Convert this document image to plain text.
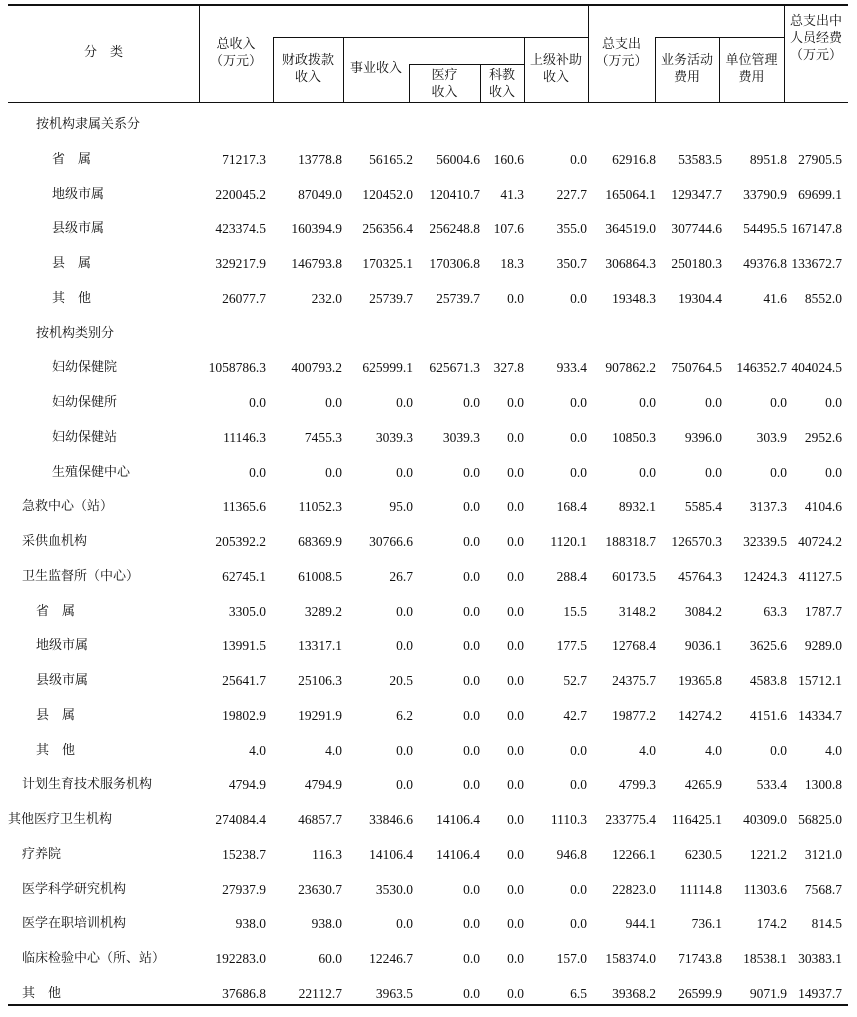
分　类
总收入
（万元）	财政拨款
收入
事业收入	医疗
收入
科教
收入
上级补助
收入
总支出
（万元）	业务活动
费用
单位管理
费用
总支出中
人员经费
（万元）
按机构隶属关系分
省　属	71217.3	13778.8	56165.2	56004.6	160.6	0.0	62916.8	53583.5	8951.8 27905.5
地级市属	220045.2	87049.0	120452.0	120410.7	41.3	227.7	165064.1	129347.7	33790.9 69699.1
县级市属	423374.5	160394.9	256356.4	256248.8	107.6	355.0	364519.0	307744.6	54495.5 167147.8
县　属	329217.9	146793.8	170325.1	170306.8	18.3	350.7	306864.3	250180.3	49376.8 133672.7
其　他	26077.7	232.0	25739.7	25739.7	0.0	0.0	19348.3	19304.4	41.6	8552.0
按机构类别分
妇幼保健院	1058786.3	400793.2	625999.1	625671.3	327.8	933.4	907862.2	750764.5	146352.7 404024.5
妇幼保健所	0.0	0.0	0.0	0.0	0.0	0.0	0.0	0.0	0.0	0.0
妇幼保健站	11146.3	7455.3	3039.3	3039.3	0.0	0.0	10850.3	9396.0	303.9	2952.6
生殖保健中心	0.0	0.0	0.0	0.0	0.0	0.0	0.0	0.0	0.0	0.0
急救中心（站）	11365.6	11052.3	95.0	0.0	0.0	168.4	8932.1	5585.4	3137.3	4104.6
采供血机构	205392.2	68369.9	30766.6	0.0	0.0	1120.1	188318.7	126570.3	32339.5 40724.2
卫生监督所（中心）	62745.1	61008.5	26.7	0.0	0.0	288.4	60173.5	45764.3	12424.3 41127.5
省　属	3305.0	3289.2	0.0	0.0	0.0	15.5	3148.2	3084.2	63.3	1787.7
地级市属	13991.5	13317.1	0.0	0.0	0.0	177.5	12768.4	9036.1	3625.6	9289.0
县级市属	25641.7	25106.3	20.5	0.0	0.0	52.7	24375.7	19365.8	4583.8 15712.1
县　属	19802.9	19291.9	6.2	0.0	0.0	42.7	19877.2	14274.2	4151.6 14334.7
其　他	4.0	4.0	0.0	0.0	0.0	0.0	4.0	4.0	0.0	4.0
计划生育技术服务机构	4794.9	4794.9	0.0	0.0	0.0	0.0	4799.3	4265.9	533.4	1300.8
其他医疗卫生机构	274084.4	46857.7	33846.6	14106.4	0.0	1110.3	233775.4	116425.1	40309.0 56825.0
疗养院	15238.7	116.3	14106.4	14106.4	0.0	946.8	12266.1	6230.5	1221.2	3121.0
医学科学研究机构	27937.9	23630.7	3530.0	0.0	0.0	0.0	22823.0	11114.8	11303.6	7568.7
医学在职培训机构	938.0	938.0	0.0	0.0	0.0	0.0	944.1	736.1	174.2	814.5
临床检验中心（所、站）	192283.0	60.0	12246.7	0.0	0.0	157.0	158374.0	71743.8	18538.1 30383.1
其　他	37686.8	22112.7	3963.5	0.0	0.0	6.5	39368.2	26599.9	9071.9 14937.7
